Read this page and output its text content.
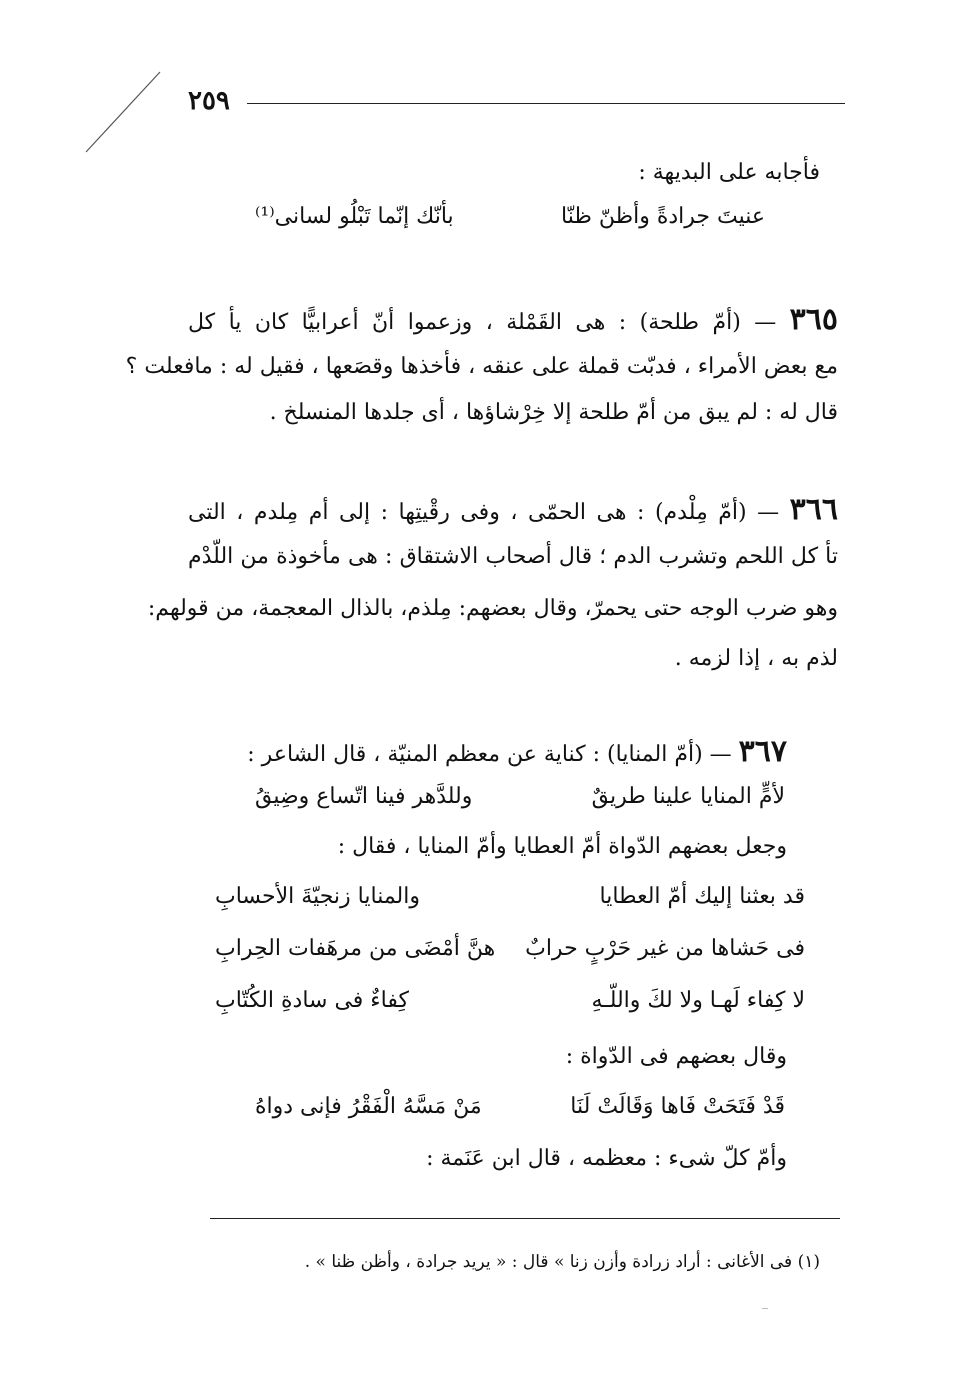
٢٥٩
فأجابه على البديهة :
عنيتَ جرادةً وأظنّ ظنّا
بأنّك إنّما تَبْلُو لسانى⁽¹⁾
٣٦٥ — (أمّ طلحة) : هى القَمْلة ، وزعموا أنّ أعرابيًّا كان يأ كل
مع بعض الأمراء ، فدبّت قملة على عنقه ، فأخذها وقصَعها ، فقيل له : مافعلت ؟
قال له : لم يبق من أمّ طلحة إلا خِرْشاؤها ، أى جلدها المنسلخ .
٣٦٦ — (أمّ مِلْدم) : هى الحمّى ، وفى رقْيتِها : إلى أم مِلدم ، التى
تأ كل اللحم وتشرب الدم ؛ قال أصحاب الاشتقاق : هى مأخوذة من اللّدْم
وهو ضرب الوجه حتى يحمرّ، وقال بعضهم: مِلذم، بالذال المعجمة، من قولهم:
لذم به ، إذا لزمه .
٣٦٧ — (أمّ المنايا) : كناية عن معظم المنيّة ، قال الشاعر :
لأمٍّ المنايا علينا طريقٌ
وللدَّهر فينا اتّساع وضِيقُ
وجعل بعضهم الدّواة أمّ العطايا وأمّ المنايا ، فقال :
قد بعثنا إليك أمّ العطايا
والمنايا زنجيّةَ الأحسابِ
فى حَشاها من غير حَرْبٍ حرابٌ
هنَّ أمْضَى من مرهَفات الحِرابِ
لا كِفاء لَهـا ولا لكَ واللّـهِ
كِفاءٌ فى سادةِ الكُتّابِ
وقال بعضهم فى الدّواة :
قَدْ فَتَحَتْ فَاها وَقَالَتْ لَنَا
مَنْ مَسَّهُ الْفَقْرُ فإنى دواهُ
وأمّ كلّ شىء : معظمه ، قال ابن عَنَمة :
(١) فى الأغانى : أراد زرادة وأزن زنا » قال : « يريد جرادة ، وأظن ظنا » .
